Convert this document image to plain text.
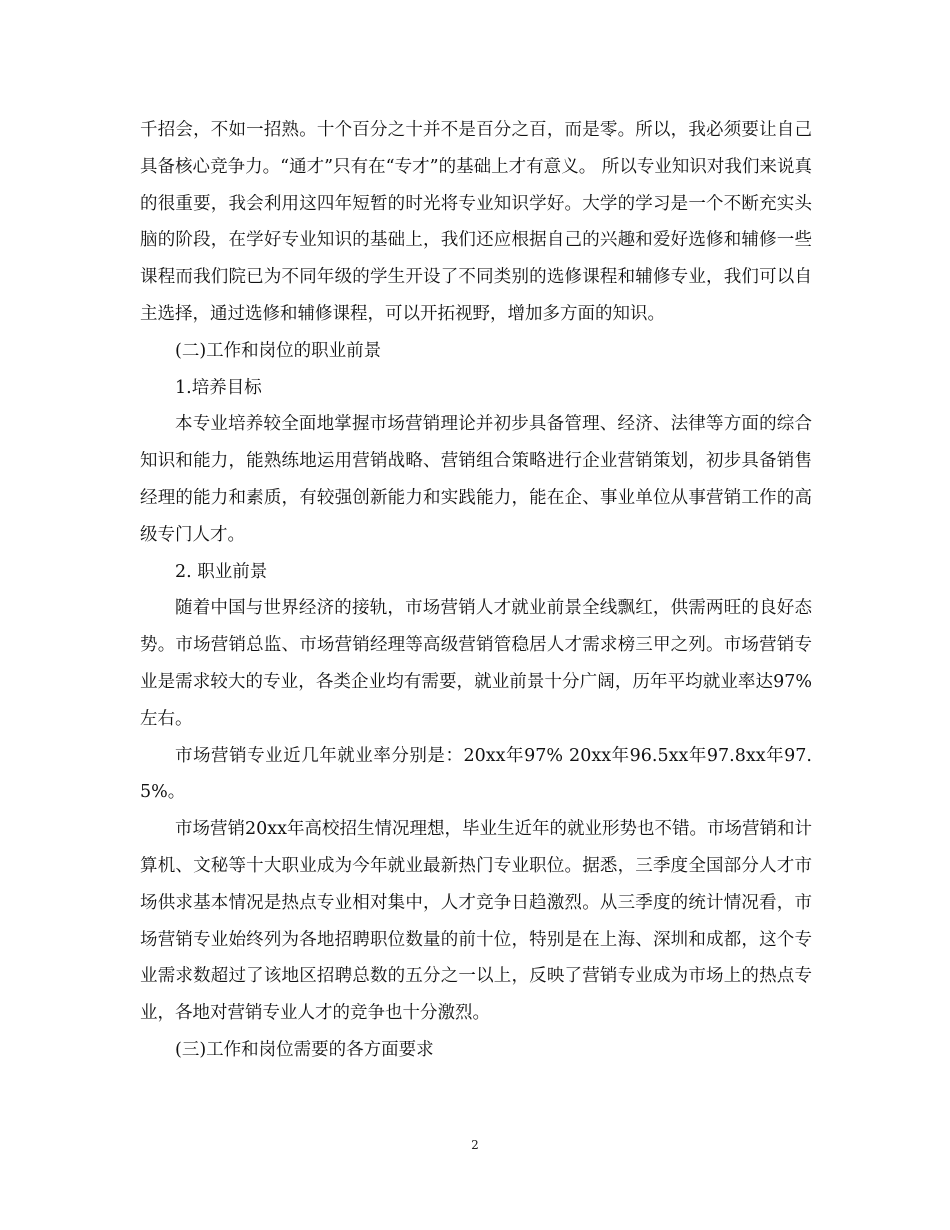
千招会，不如一招熟。十个百分之十并不是百分之百，而是零。所以，我必须要让自己具备核心竞争力。“通才”只有在“专才”的基础上才有意义。 所以专业知识对我们来说真的很重要，我会利用这四年短暂的时光将专业知识学好。大学的学习是一个不断充实头脑的阶段，在学好专业知识的基础上，我们还应根据自己的兴趣和爱好选修和辅修一些课程而我们院已为不同年级的学生开设了不同类别的选修课程和辅修专业，我们可以自主选择，通过选修和辅修课程，可以开拓视野，增加多方面的知识。

(二)工作和岗位的职业前景

1.培养目标

本专业培养较全面地掌握市场营销理论并初步具备管理、经济、法律等方面的综合知识和能力，能熟练地运用营销战略、营销组合策略进行企业营销策划，初步具备销售经理的能力和素质，有较强创新能力和实践能力，能在企、事业单位从事营销工作的高级专门人才。

2. 职业前景

随着中国与世界经济的接轨，市场营销人才就业前景全线飘红，供需两旺的良好态势。市场营销总监、市场营销经理等高级营销管稳居人才需求榜三甲之列。市场营销专业是需求较大的专业，各类企业均有需要，就业前景十分广阔，历年平均就业率达97%左右。

市场营销专业近几年就业率分别是：20xx年97% 20xx年96.5xx年97.8xx年97.5%。

市场营销20xx年高校招生情况理想，毕业生近年的就业形势也不错。市场营销和计算机、文秘等十大职业成为今年就业最新热门专业职位。据悉，三季度全国部分人才市场供求基本情况是热点专业相对集中，人才竞争日趋激烈。从三季度的统计情况看，市场营销专业始终列为各地招聘职位数量的前十位，特别是在上海、深圳和成都，这个专业需求数超过了该地区招聘总数的五分之一以上，反映了营销专业成为市场上的热点专业，各地对营销专业人才的竞争也十分激烈。

(三)工作和岗位需要的各方面要求

2
